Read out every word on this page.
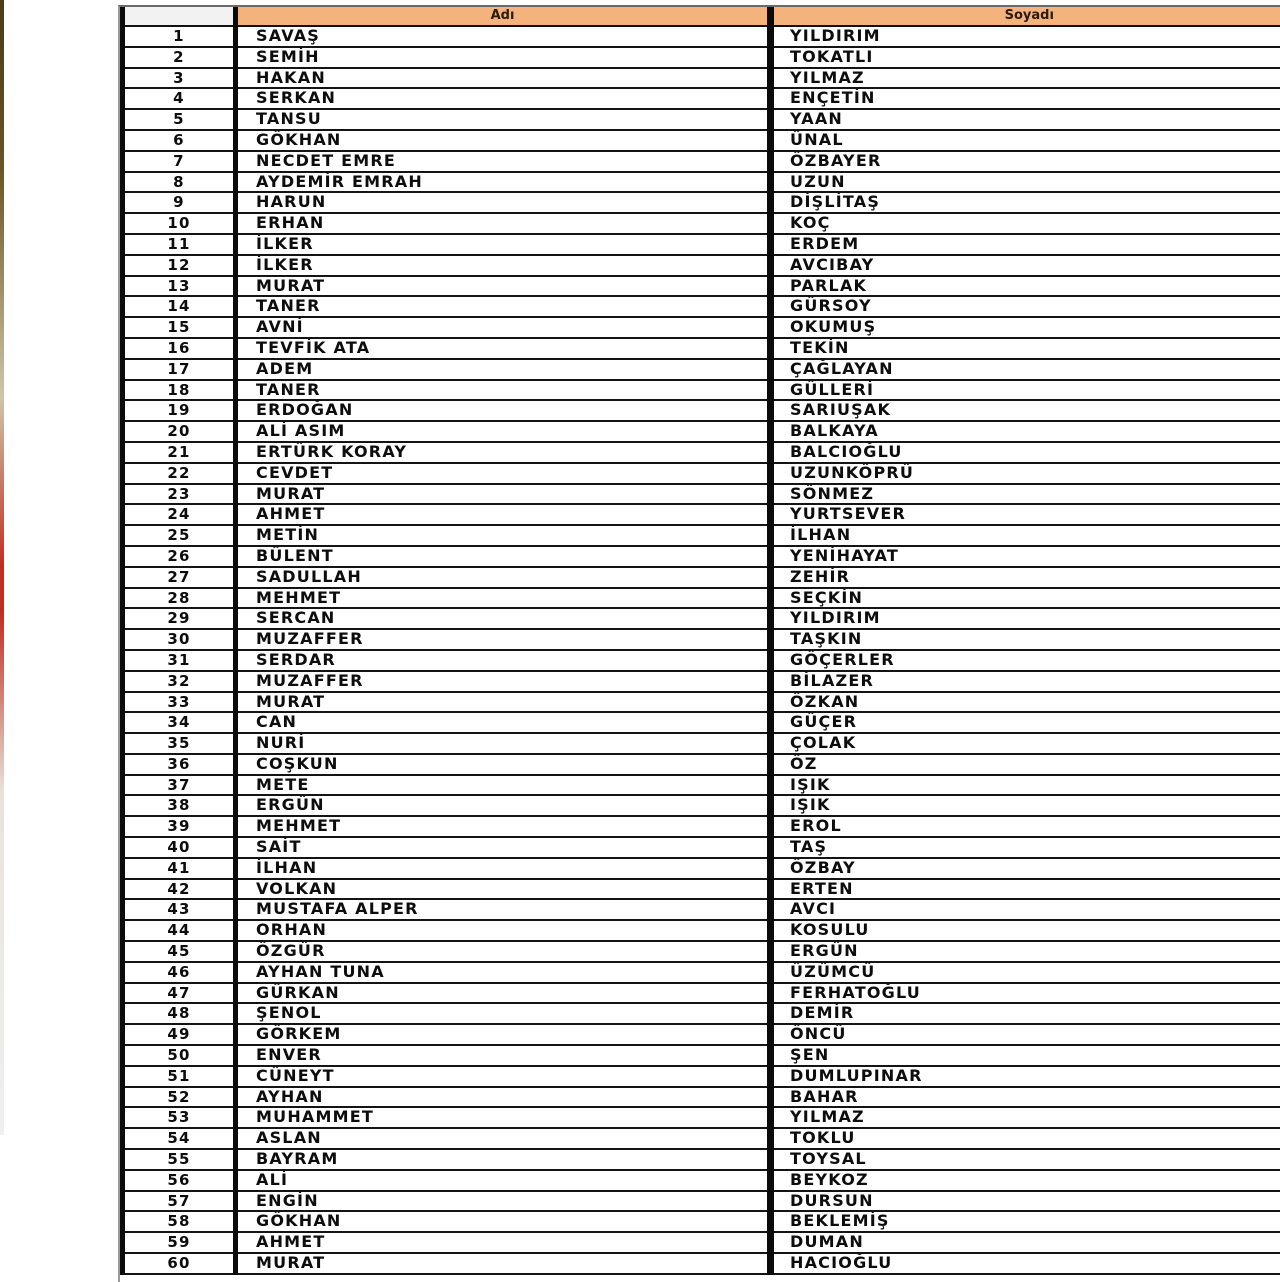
	Adı	Soyadı
1	SAVAŞ	YILDIRIM
2	SEMİH	TOKATLI
3	HAKAN	YILMAZ
4	SERKAN	ENÇETİN
5	TANSU	YAAN
6	GÖKHAN	ÜNAL
7	NECDET EMRE	ÖZBAYER
8	AYDEMİR EMRAH	UZUN
9	HARUN	DİŞLİTAŞ
10	ERHAN	KOÇ
11	İLKER	ERDEM
12	İLKER	AVCIBAY
13	MURAT	PARLAK
14	TANER	GÜRSOY
15	AVNİ	OKUMUŞ
16	TEVFİK ATA	TEKİN
17	ADEM	ÇAĞLAYAN
18	TANER	GÜLLERİ
19	ERDOĞAN	SARIUŞAK
20	ALİ ASIM	BALKAYA
21	ERTÜRK KORAY	BALCIOĞLU
22	CEVDET	UZUNKÖPRÜ
23	MURAT	SÖNMEZ
24	AHMET	YURTSEVER
25	METİN	İLHAN
26	BÜLENT	YENİHAYAT
27	SADULLAH	ZEHİR
28	MEHMET	SEÇKİN
29	SERCAN	YILDIRIM
30	MUZAFFER	TAŞKIN
31	SERDAR	GÖÇERLER
32	MUZAFFER	BİLAZER
33	MURAT	ÖZKAN
34	CAN	GÜÇER
35	NURİ	ÇOLAK
36	COŞKUN	ÖZ
37	METE	IŞIK
38	ERGÜN	IŞIK
39	MEHMET	EROL
40	SAİT	TAŞ
41	İLHAN	ÖZBAY
42	VOLKAN	ERTEN
43	MUSTAFA ALPER	AVCI
44	ORHAN	KOSULU
45	ÖZGÜR	ERGÜN
46	AYHAN TUNA	ÜZÜMCÜ
47	GÜRKAN	FERHATOĞLU
48	ŞENOL	DEMİR
49	GÖRKEM	ÖNCÜ
50	ENVER	ŞEN
51	CÜNEYT	DUMLUPINAR
52	AYHAN	BAHAR
53	MUHAMMET	YILMAZ
54	ASLAN	TOKLU
55	BAYRAM	TOYSAL
56	ALİ	BEYKOZ
57	ENGİN	DURSUN
58	GÖKHAN	BEKLEMİŞ
59	AHMET	DUMAN
60	MURAT	HACIOĞLU
